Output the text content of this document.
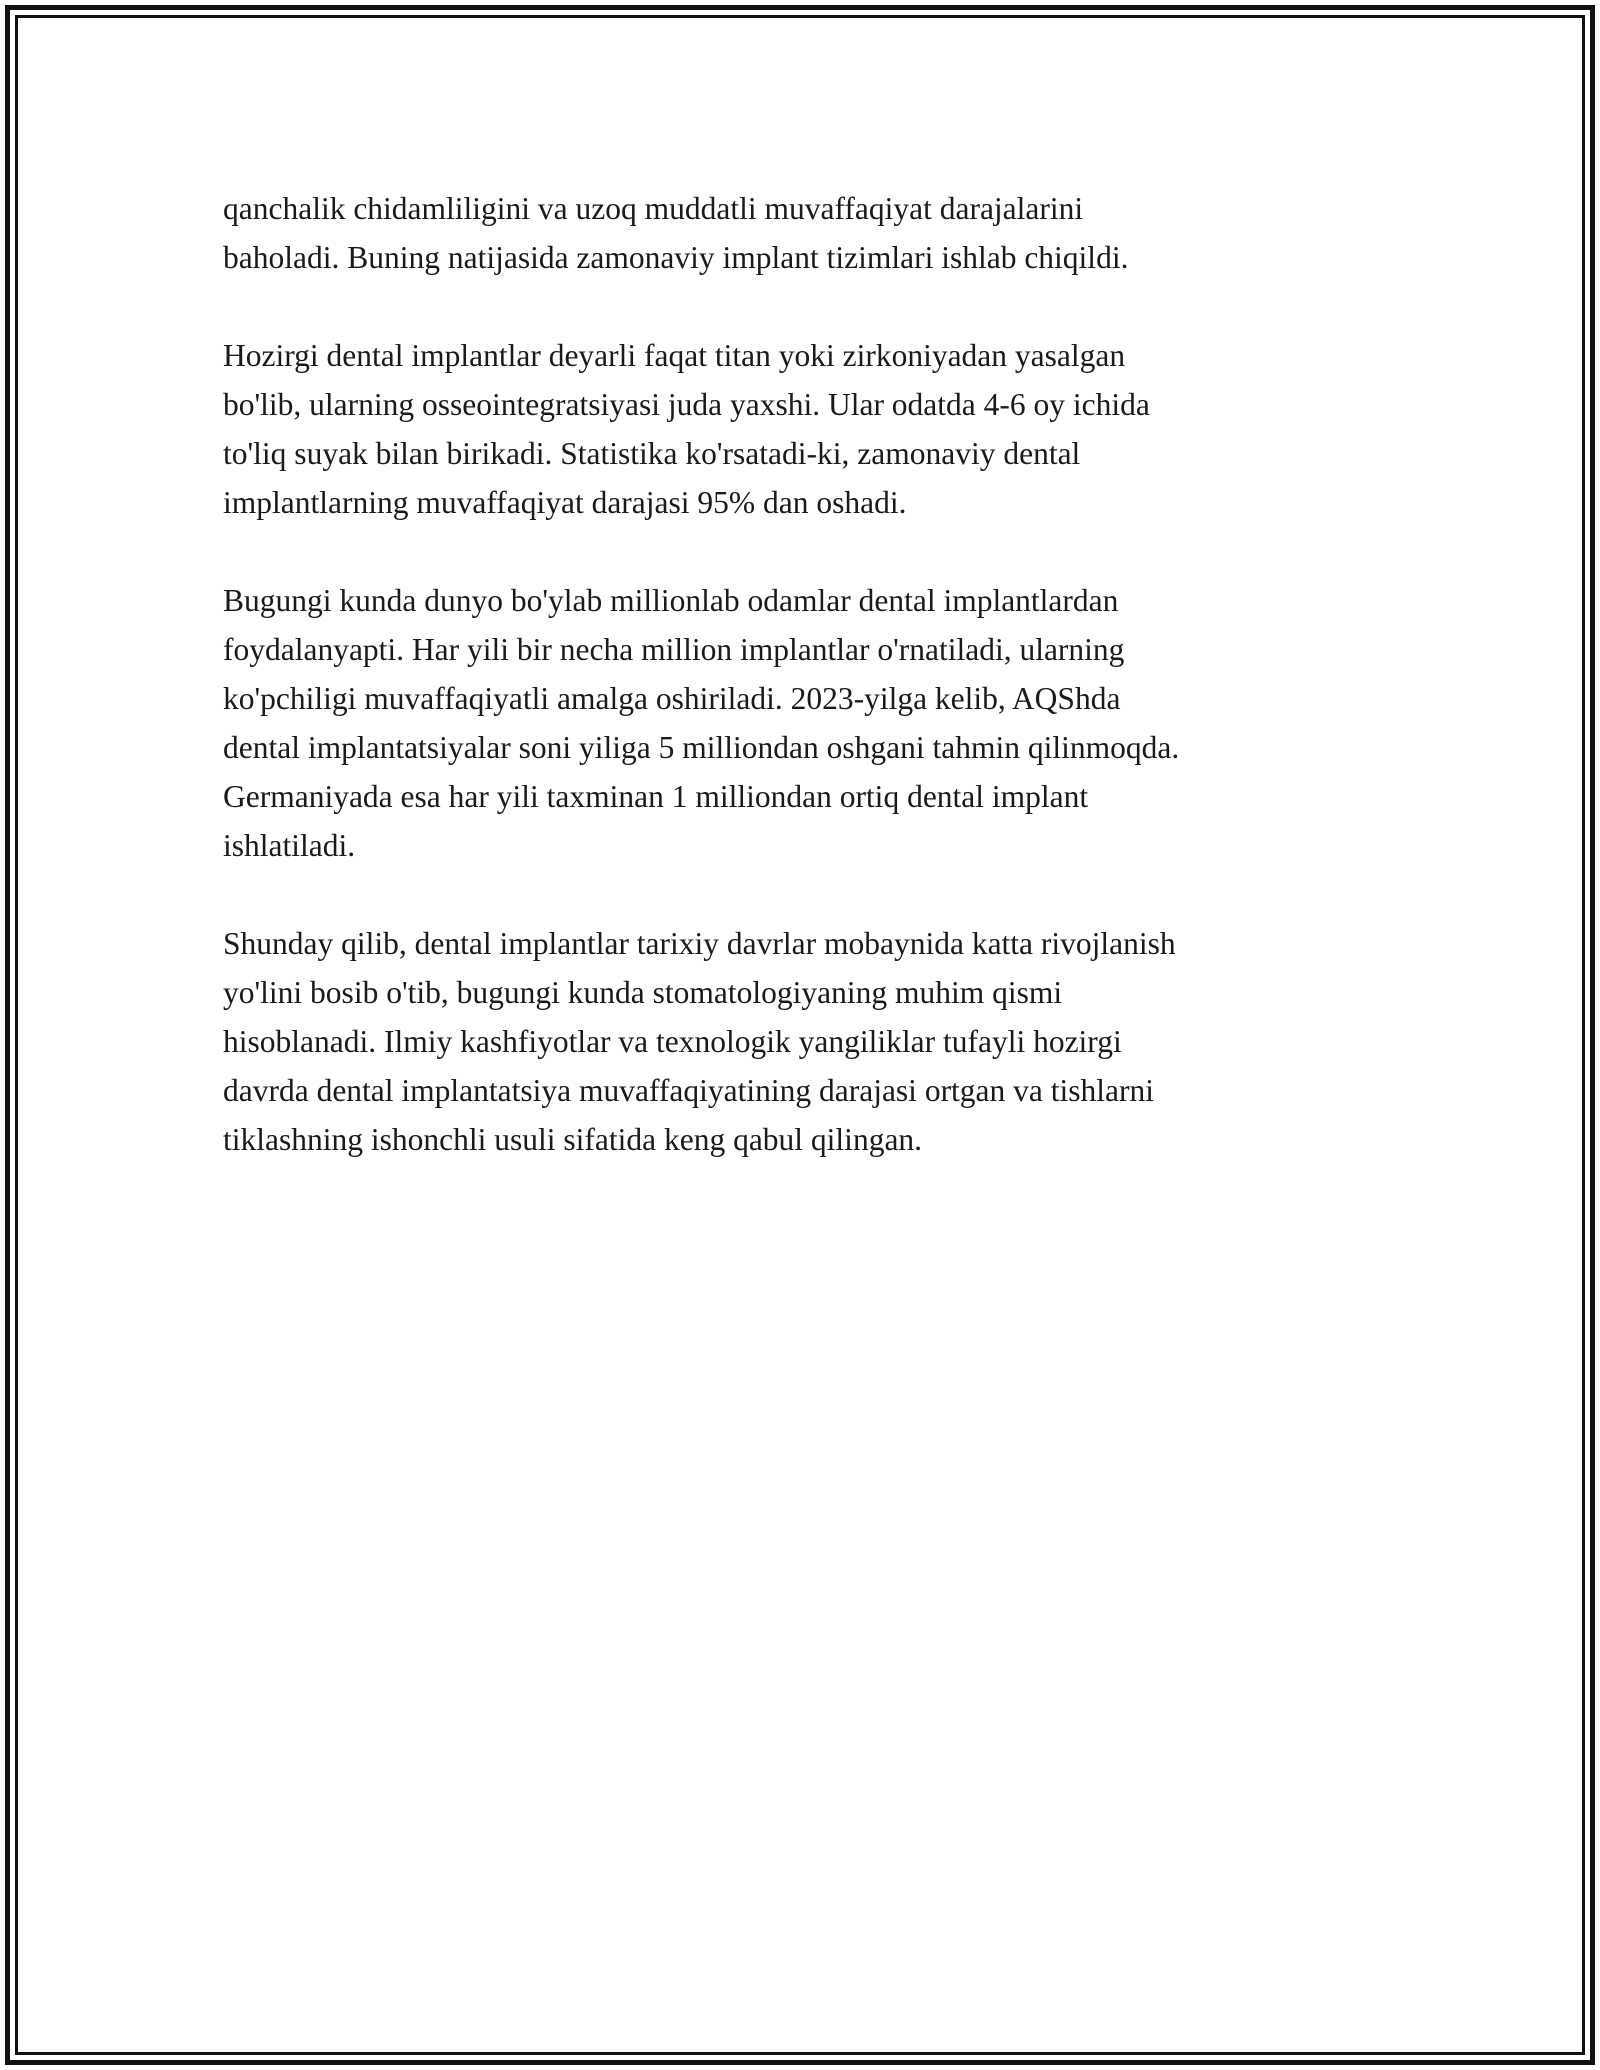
qanchalik chidamliligini va uzoq muddatli muvaffaqiyat darajalarini
baholadi. Buning natijasida zamonaviy implant tizimlari ishlab chiqildi.

Hozirgi dental implantlar deyarli faqat titan yoki zirkoniyadan yasalgan
bo'lib, ularning osseointegratsiyasi juda yaxshi. Ular odatda 4-6 oy ichida
to'liq suyak bilan birikadi. Statistika ko'rsatadi-ki, zamonaviy dental
implantlarning muvaffaqiyat darajasi 95% dan oshadi.

Bugungi kunda dunyo bo'ylab millionlab odamlar dental implantlardan
foydalanyapti. Har yili bir necha million implantlar o'rnatiladi, ularning
ko'pchiligi muvaffaqiyatli amalga oshiriladi. 2023-yilga kelib, AQShda
dental implantatsiyalar soni yiliga 5 milliondan oshgani tahmin qilinmoqda.
Germaniyada esa har yili taxminan 1 milliondan ortiq dental implant
ishlatiladi.

Shunday qilib, dental implantlar tarixiy davrlar mobaynida katta rivojlanish
yo'lini bosib o'tib, bugungi kunda stomatologiyaning muhim qismi
hisoblanadi. Ilmiy kashfiyotlar va texnologik yangiliklar tufayli hozirgi
davrda dental implantatsiya muvaffaqiyatining darajasi ortgan va tishlarni
tiklashning ishonchli usuli sifatida keng qabul qilingan.
